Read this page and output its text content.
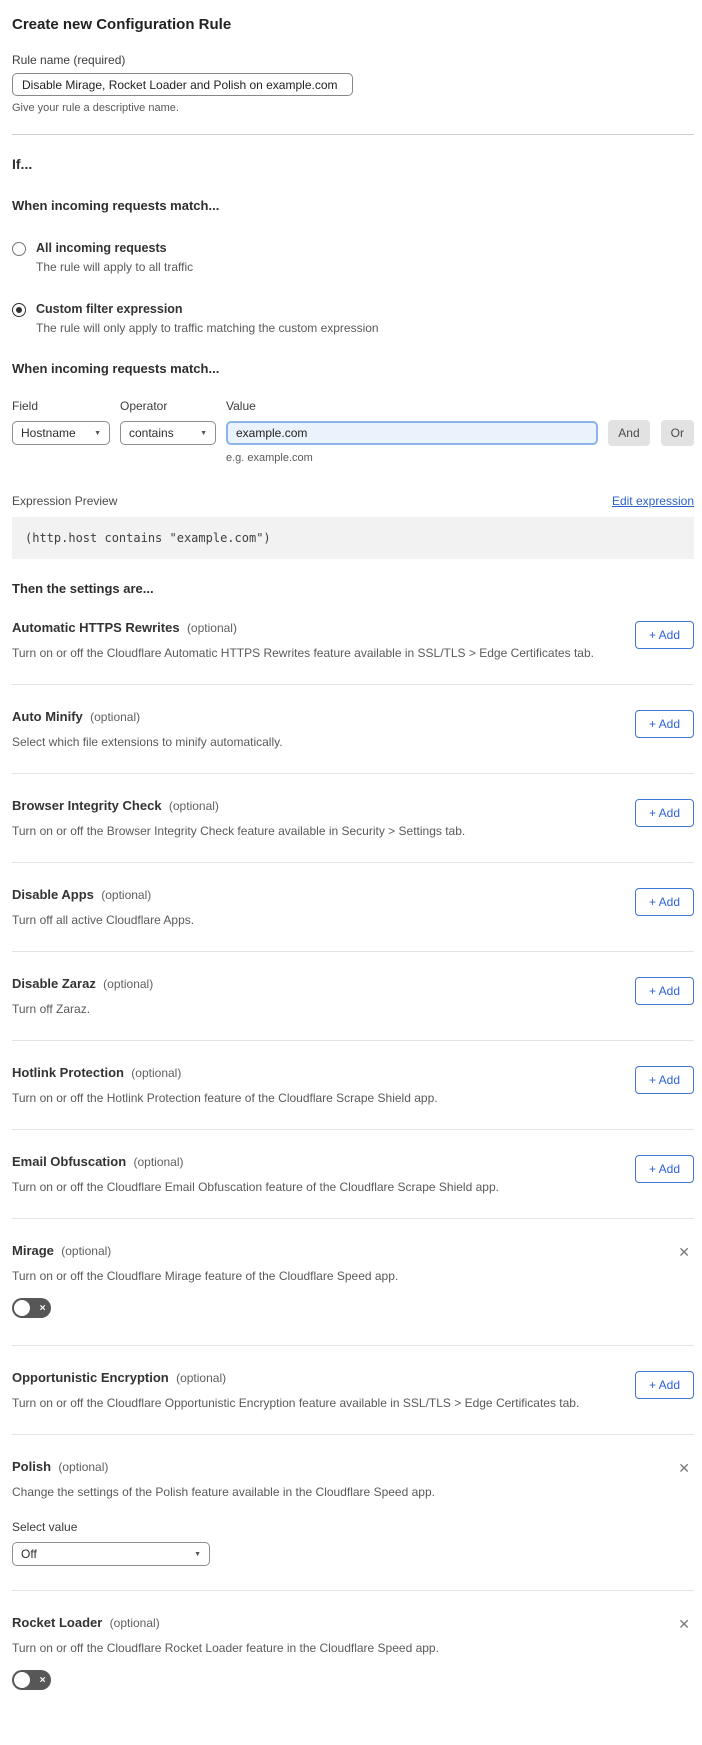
Create new Configuration Rule
Rule name (required)
Disable Mirage, Rocket Loader and Polish on example.com
Give your rule a descriptive name.
If...
When incoming requests match...
All incoming requests
The rule will apply to all traffic
Custom filter expression
The rule will only apply to traffic matching the custom expression
When incoming requests match...
Field
Hostname	▼
Operator
contains	▼
Value
example.com
e.g. example.com
And	Or
Expression Preview	Edit expression
(http.host contains "example.com")
Then the settings are...
Automatic HTTPS Rewrites (optional)
Turn on or off the Cloudflare Automatic HTTPS Rewrites feature available in SSL/TLS > Edge Certificates tab.
+ Add
Auto Minify (optional)
Select which file extensions to minify automatically.
+ Add
Browser Integrity Check (optional)
Turn on or off the Browser Integrity Check feature available in Security > Settings tab.
+ Add
Disable Apps (optional)
Turn off all active Cloudflare Apps.
+ Add
Disable Zaraz (optional)
Turn off Zaraz.
+ Add
Hotlink Protection (optional)
Turn on or off the Hotlink Protection feature of the Cloudflare Scrape Shield app.
+ Add
Email Obfuscation (optional)
Turn on or off the Cloudflare Email Obfuscation feature of the Cloudflare Scrape Shield app.
+ Add
Mirage (optional)
Turn on or off the Cloudflare Mirage feature of the Cloudflare Speed app.
✕
✕
Opportunistic Encryption (optional)
Turn on or off the Cloudflare Opportunistic Encryption feature available in SSL/TLS > Edge Certificates tab.
+ Add
Polish (optional)
Change the settings of the Polish feature available in the Cloudflare Speed app.
Select value
Off	▼
✕
Rocket Loader (optional)
Turn on or off the Cloudflare Rocket Loader feature in the Cloudflare Speed app.
✕
✕
